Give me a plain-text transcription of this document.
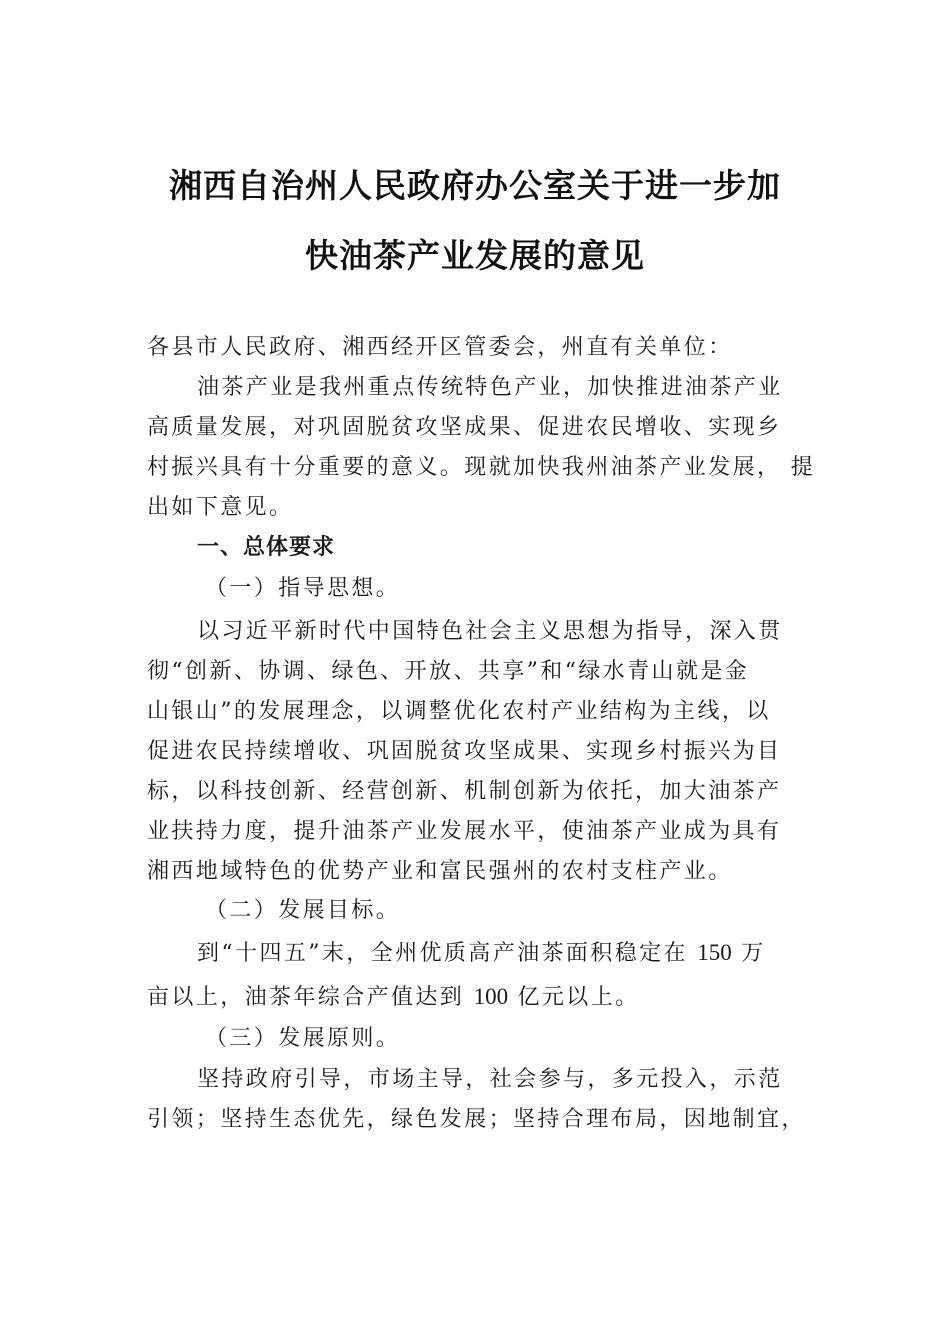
湘西自治州人民政府办公室关于进一步加
快油茶产业发展的意见
各县市人民政府、湘西经开区管委会，州直有关单位：
油茶产业是我州重点传统特色产业，加快推进油茶产业
高质量发展，对巩固脱贫攻坚成果、促进农民增收、实现乡
村振兴具有十分重要的意义。现就加快我州油茶产业发展， 提
出如下意见。
一、总体要求
（一）指导思想。
以习近平新时代中国特色社会主义思想为指导，深入贯
彻“创新、协调、绿色、开放、共享”和“绿水青山就是金
山银山”的发展理念，以调整优化农村产业结构为主线，以
促进农民持续增收、巩固脱贫攻坚成果、实现乡村振兴为目
标，以科技创新、经营创新、机制创新为依托，加大油茶产
业扶持力度，提升油茶产业发展水平，使油茶产业成为具有
湘西地域特色的优势产业和富民强州的农村支柱产业。
（二）发展目标。
到“十四五”末，全州优质高产油茶面积稳定在 150 万
亩以上，油茶年综合产值达到 100 亿元以上。
（三）发展原则。
坚持政府引导，市场主导，社会参与，多元投入，示范
引领；坚持生态优先，绿色发展；坚持合理布局，因地制宜，
